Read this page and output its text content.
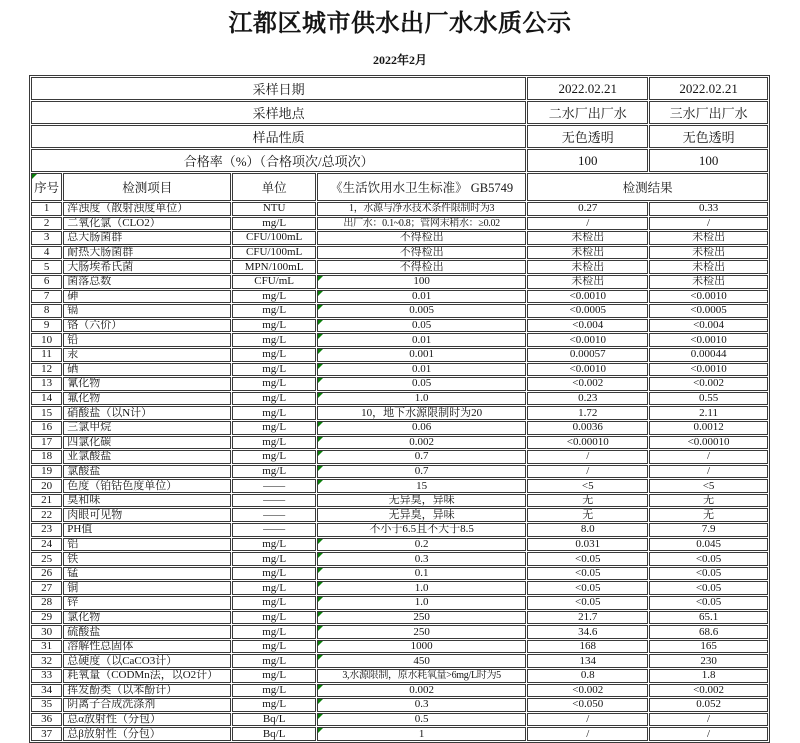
江都区城市供水出厂水水质公示
2022年2月
采样日期				2022.02.21	2022.02.21
采样地点				二水厂出厂水	三水厂出厂水
样品性质				无色透明	无色透明
合格率（%）（合格项次/总项次）				100	100

序号	检测项目	单位	《生活饮用水卫生标准》 GB5749	检测结果	
1	浑浊度（散射浊度单位）	NTU	1，水源与净水技术条件限制时为3	0.27	0.33
2	二氧化氯（CLO2）	mg/L	出厂水：0.1~0.8；管网末稍水：≥0.02	/	/
3	总大肠菌群	CFU/100mL	不得检出	未检出	未检出
4	耐热大肠菌群	CFU/100mL	不得检出	未检出	未检出
5	大肠埃希氏菌	MPN/100mL	不得检出	未检出	未检出
6	菌落总数	CFU/mL	100	未检出	未检出
7	砷	mg/L	0.01	<0.0010	<0.0010
8	镉	mg/L	0.005	<0.0005	<0.0005
9	铬（六价）	mg/L	0.05	<0.004	<0.004
10	铅	mg/L	0.01	<0.0010	<0.0010
11	汞	mg/L	0.001	0.00057	0.00044
12	硒	mg/L	0.01	<0.0010	<0.0010
13	氰化物	mg/L	0.05	<0.002	<0.002
14	氟化物	mg/L	1.0	0.23	0.55
15	硝酸盐（以N计）	mg/L	10，地下水源限制时为20	1.72	2.11
16	三氯甲烷	mg/L	0.06	0.0036	0.0012
17	四氯化碳	mg/L	0.002	<0.00010	<0.00010
18	亚氯酸盐	mg/L	0.7	/	/
19	氯酸盐	mg/L	0.7	/	/
20	色度（铂钴色度单位）	——	15	<5	<5
21	臭和味	——	无异臭，异味	无	无
22	肉眼可见物	——	无异臭，异味	无	无
23	PH值	——	不小于6.5且不大于8.5	8.0	7.9
24	铝	mg/L	0.2	0.031	0.045
25	铁	mg/L	0.3	<0.05	<0.05
26	锰	mg/L	0.1	<0.05	<0.05
27	铜	mg/L	1.0	<0.05	<0.05
28	锌	mg/L	1.0	<0.05	<0.05
29	氯化物	mg/L	250	21.7	65.1
30	硫酸盐	mg/L	250	34.6	68.6
31	溶解性总固体	mg/L	1000	168	165
32	总硬度（以CaCO3计）	mg/L	450	134	230
33	耗氧量（CODMn法，以O2计）	mg/L	3,水源限制，原水耗氧量>6mg/L时为5	0.8	1.8
34	挥发酚类（以苯酚计）	mg/L	0.002	<0.002	<0.002
35	阴离子合成洗涤剂	mg/L	0.3	<0.050	0.052
36	总α放射性（分包）	Bq/L	0.5	/	/
37	总β放射性（分包）	Bq/L	1	/	/
